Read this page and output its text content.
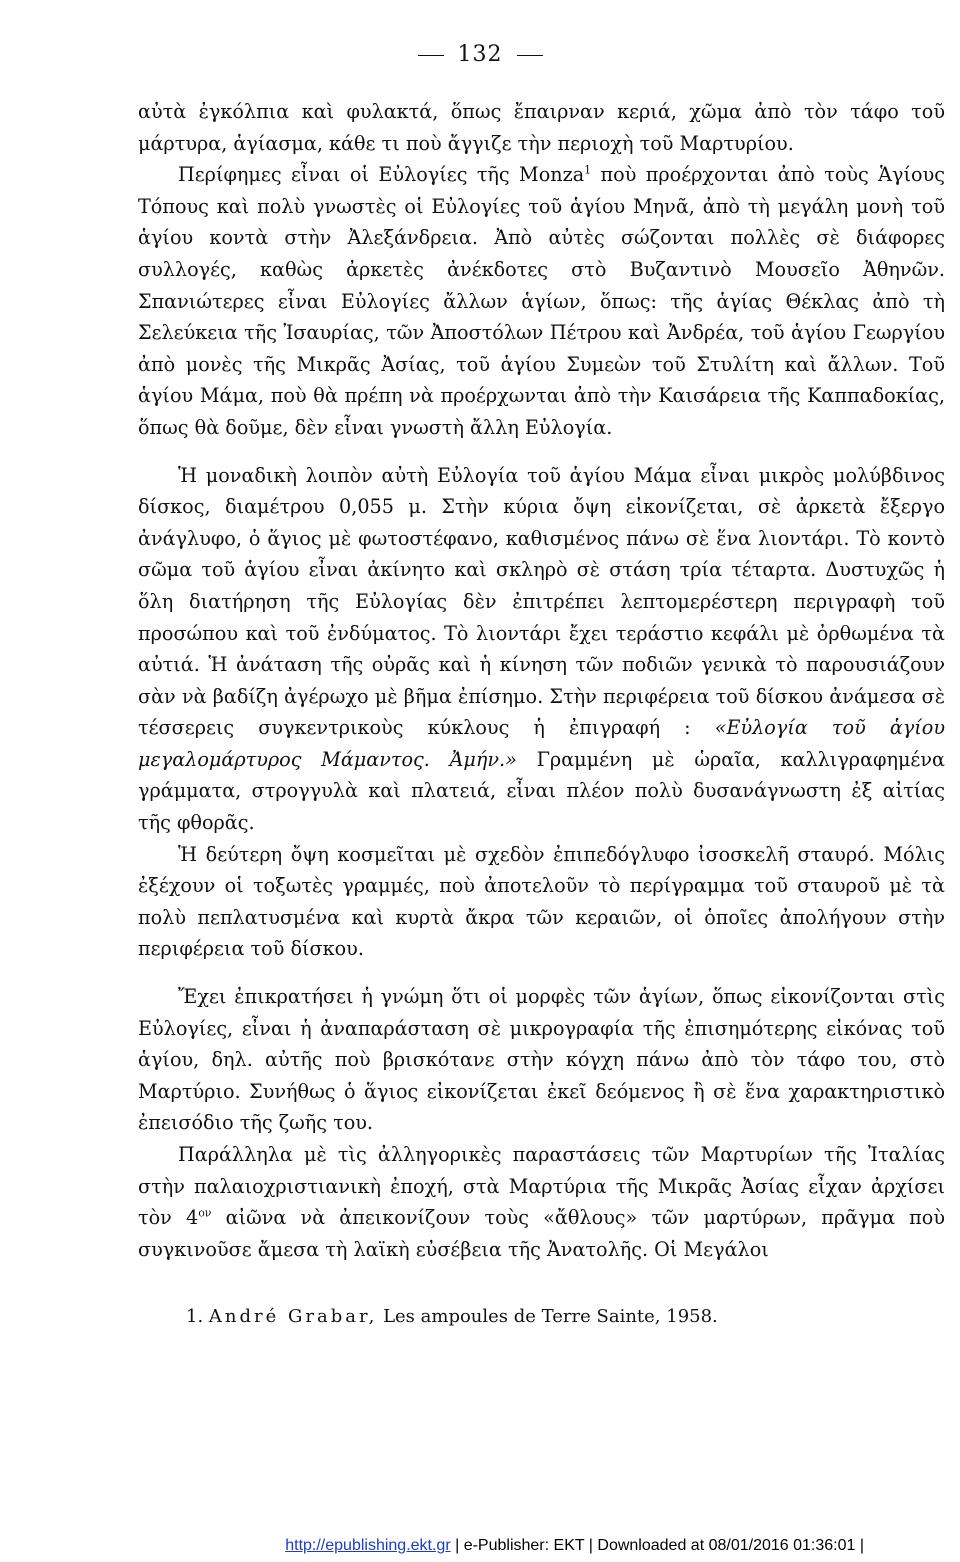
132

αὐτὰ ἐγκόλπια καὶ φυλακτά, ὅπως ἔπαιρναν κεριά, χῶμα ἀπὸ τὸν τάφο τοῦ μάρτυρα, ἁγίασμα, κάθε τι ποὺ ἄγγιζε τὴν περιοχὴ τοῦ Μαρτυρίου.

Περίφημες εἶναι οἱ Εὐλογίες τῆς Monza$^1$ ποὺ προέρχονται ἀπὸ τοὺς Ἁγίους Τόπους καὶ πολὺ γνωστὲς οἱ Εὐλογίες τοῦ ἁγίου Μηνᾶ, ἀπὸ τὴ μεγάλη μονὴ τοῦ ἁγίου κοντὰ στὴν Ἀλεξάνδρεια. Ἀπὸ αὐτὲς σώζονται πολλὲς σὲ διάφορες συλλογές, καθὼς ἀρκετὲς ἀνέκδοτες στὸ Βυζαντινὸ Μουσεῖο Ἀθηνῶν. Σπανιώτερες εἶναι Εὐλογίες ἄλλων ἁγίων, ὅπως: τῆς ἁγίας Θέκλας ἀπὸ τὴ Σελεύκεια τῆς Ἰσαυρίας, τῶν Ἀποστόλων Πέτρου καὶ Ἀνδρέα, τοῦ ἁγίου Γεωργίου ἀπὸ μονὲς τῆς Μικρᾶς Ἀσίας, τοῦ ἁγίου Συμεὼν τοῦ Στυλίτη καὶ ἄλλων. Τοῦ ἁγίου Μάμα, ποὺ θὰ πρέπη νὰ προέρχωνται ἀπὸ τὴν Καισάρεια τῆς Καππαδοκίας, ὅπως θὰ δοῦμε, δὲν εἶναι γνωστὴ ἄλλη Εὐλογία.

Ἡ μοναδικὴ λοιπὸν αὐτὴ Εὐλογία τοῦ ἁγίου Μάμα εἶναι μικρὸς μολύβδινος δίσκος, διαμέτρου 0,055 μ. Στὴν κύρια ὄψη εἰκονίζεται, σὲ ἀρκετὰ ἔξεργο ἀνάγλυφο, ὁ ἅγιος μὲ φωτοστέφανο, καθισμένος πάνω σὲ ἕνα λιοντάρι. Τὸ κοντὸ σῶμα τοῦ ἁγίου εἶναι ἀκίνητο καὶ σκληρὸ σὲ στάση τρία τέταρτα. Δυστυχῶς ἡ ὅλη διατήρηση τῆς Εὐλογίας δὲν ἐπιτρέπει λεπτομερέστερη περιγραφὴ τοῦ προσώπου καὶ τοῦ ἐνδύματος. Τὸ λιοντάρι ἔχει τεράστιο κεφάλι μὲ ὀρθωμένα τὰ αὐτιά. Ἡ ἀνάταση τῆς οὐρᾶς καὶ ἡ κίνηση τῶν ποδιῶν γενικὰ τὸ παρουσιάζουν σὰν νὰ βαδίζη ἀγέρωχο μὲ βῆμα ἐπίσημο. Στὴν περιφέρεια τοῦ δίσκου ἀνάμεσα σὲ τέσσερεις συγκεντρικοὺς κύκλους ἡ ἐπιγραφή : «Εὐλογία τοῦ ἁγίου μεγαλομάρτυρος Μάμαντος. Ἀμήν.» Γραμμένη μὲ ὡραῖα, καλλιγραφημένα γράμματα, στρογγυλὰ καὶ πλατειά, εἶναι πλέον πολὺ δυσανάγνωστη ἐξ αἰτίας τῆς φθορᾶς.

Ἡ δεύτερη ὄψη κοσμεῖται μὲ σχεδὸν ἐπιπεδόγλυφο ἰσοσκελῆ σταυρό. Μόλις ἐξέχουν οἱ τοξωτὲς γραμμές, ποὺ ἀποτελοῦν τὸ περίγραμμα τοῦ σταυροῦ μὲ τὰ πολὺ πεπλατυσμένα καὶ κυρτὰ ἄκρα τῶν κεραιῶν, οἱ ὁποῖες ἀπολήγουν στὴν περιφέρεια τοῦ δίσκου.

Ἔχει ἐπικρατήσει ἡ γνώμη ὅτι οἱ μορφὲς τῶν ἁγίων, ὅπως εἰκονίζονται στὶς Εὐλογίες, εἶναι ἡ ἀναπαράσταση σὲ μικρογραφία τῆς ἐπισημότερης εἰκόνας τοῦ ἁγίου, δηλ. αὐτῆς ποὺ βρισκότανε στὴν κόγχη πάνω ἀπὸ τὸν τάφο του, στὸ Μαρτύριο. Συνήθως ὁ ἅγιος εἰκονίζεται ἐκεῖ δεόμενος ἢ σὲ ἕνα χαρακτηριστικὸ ἐπεισόδιο τῆς ζωῆς του.

Παράλληλα μὲ τὶς ἀλληγορικὲς παραστάσεις τῶν Μαρτυρίων τῆς Ἰταλίας στὴν παλαιοχριστιανικὴ ἐποχή, στὰ Μαρτύρια τῆς Μικρᾶς Ἀσίας εἶχαν ἀρχίσει τὸν $4^{o\nu}$ αἰῶνα νὰ ἀπεικονίζουν τοὺς «ἄθλους» τῶν μαρτύρων, πρᾶγμα ποὺ συγκινοῦσε ἄμεσα τὴ λαϊκὴ εὐσέβεια τῆς Ἀνατολῆς. Οἱ Μεγάλοι

1. André Grabar, Les ampoules de Terre Sainte, 1958.
http://epublishing.ekt.gr | e-Publisher: EKT | Downloaded at 08/01/2016 01:36:01 |
